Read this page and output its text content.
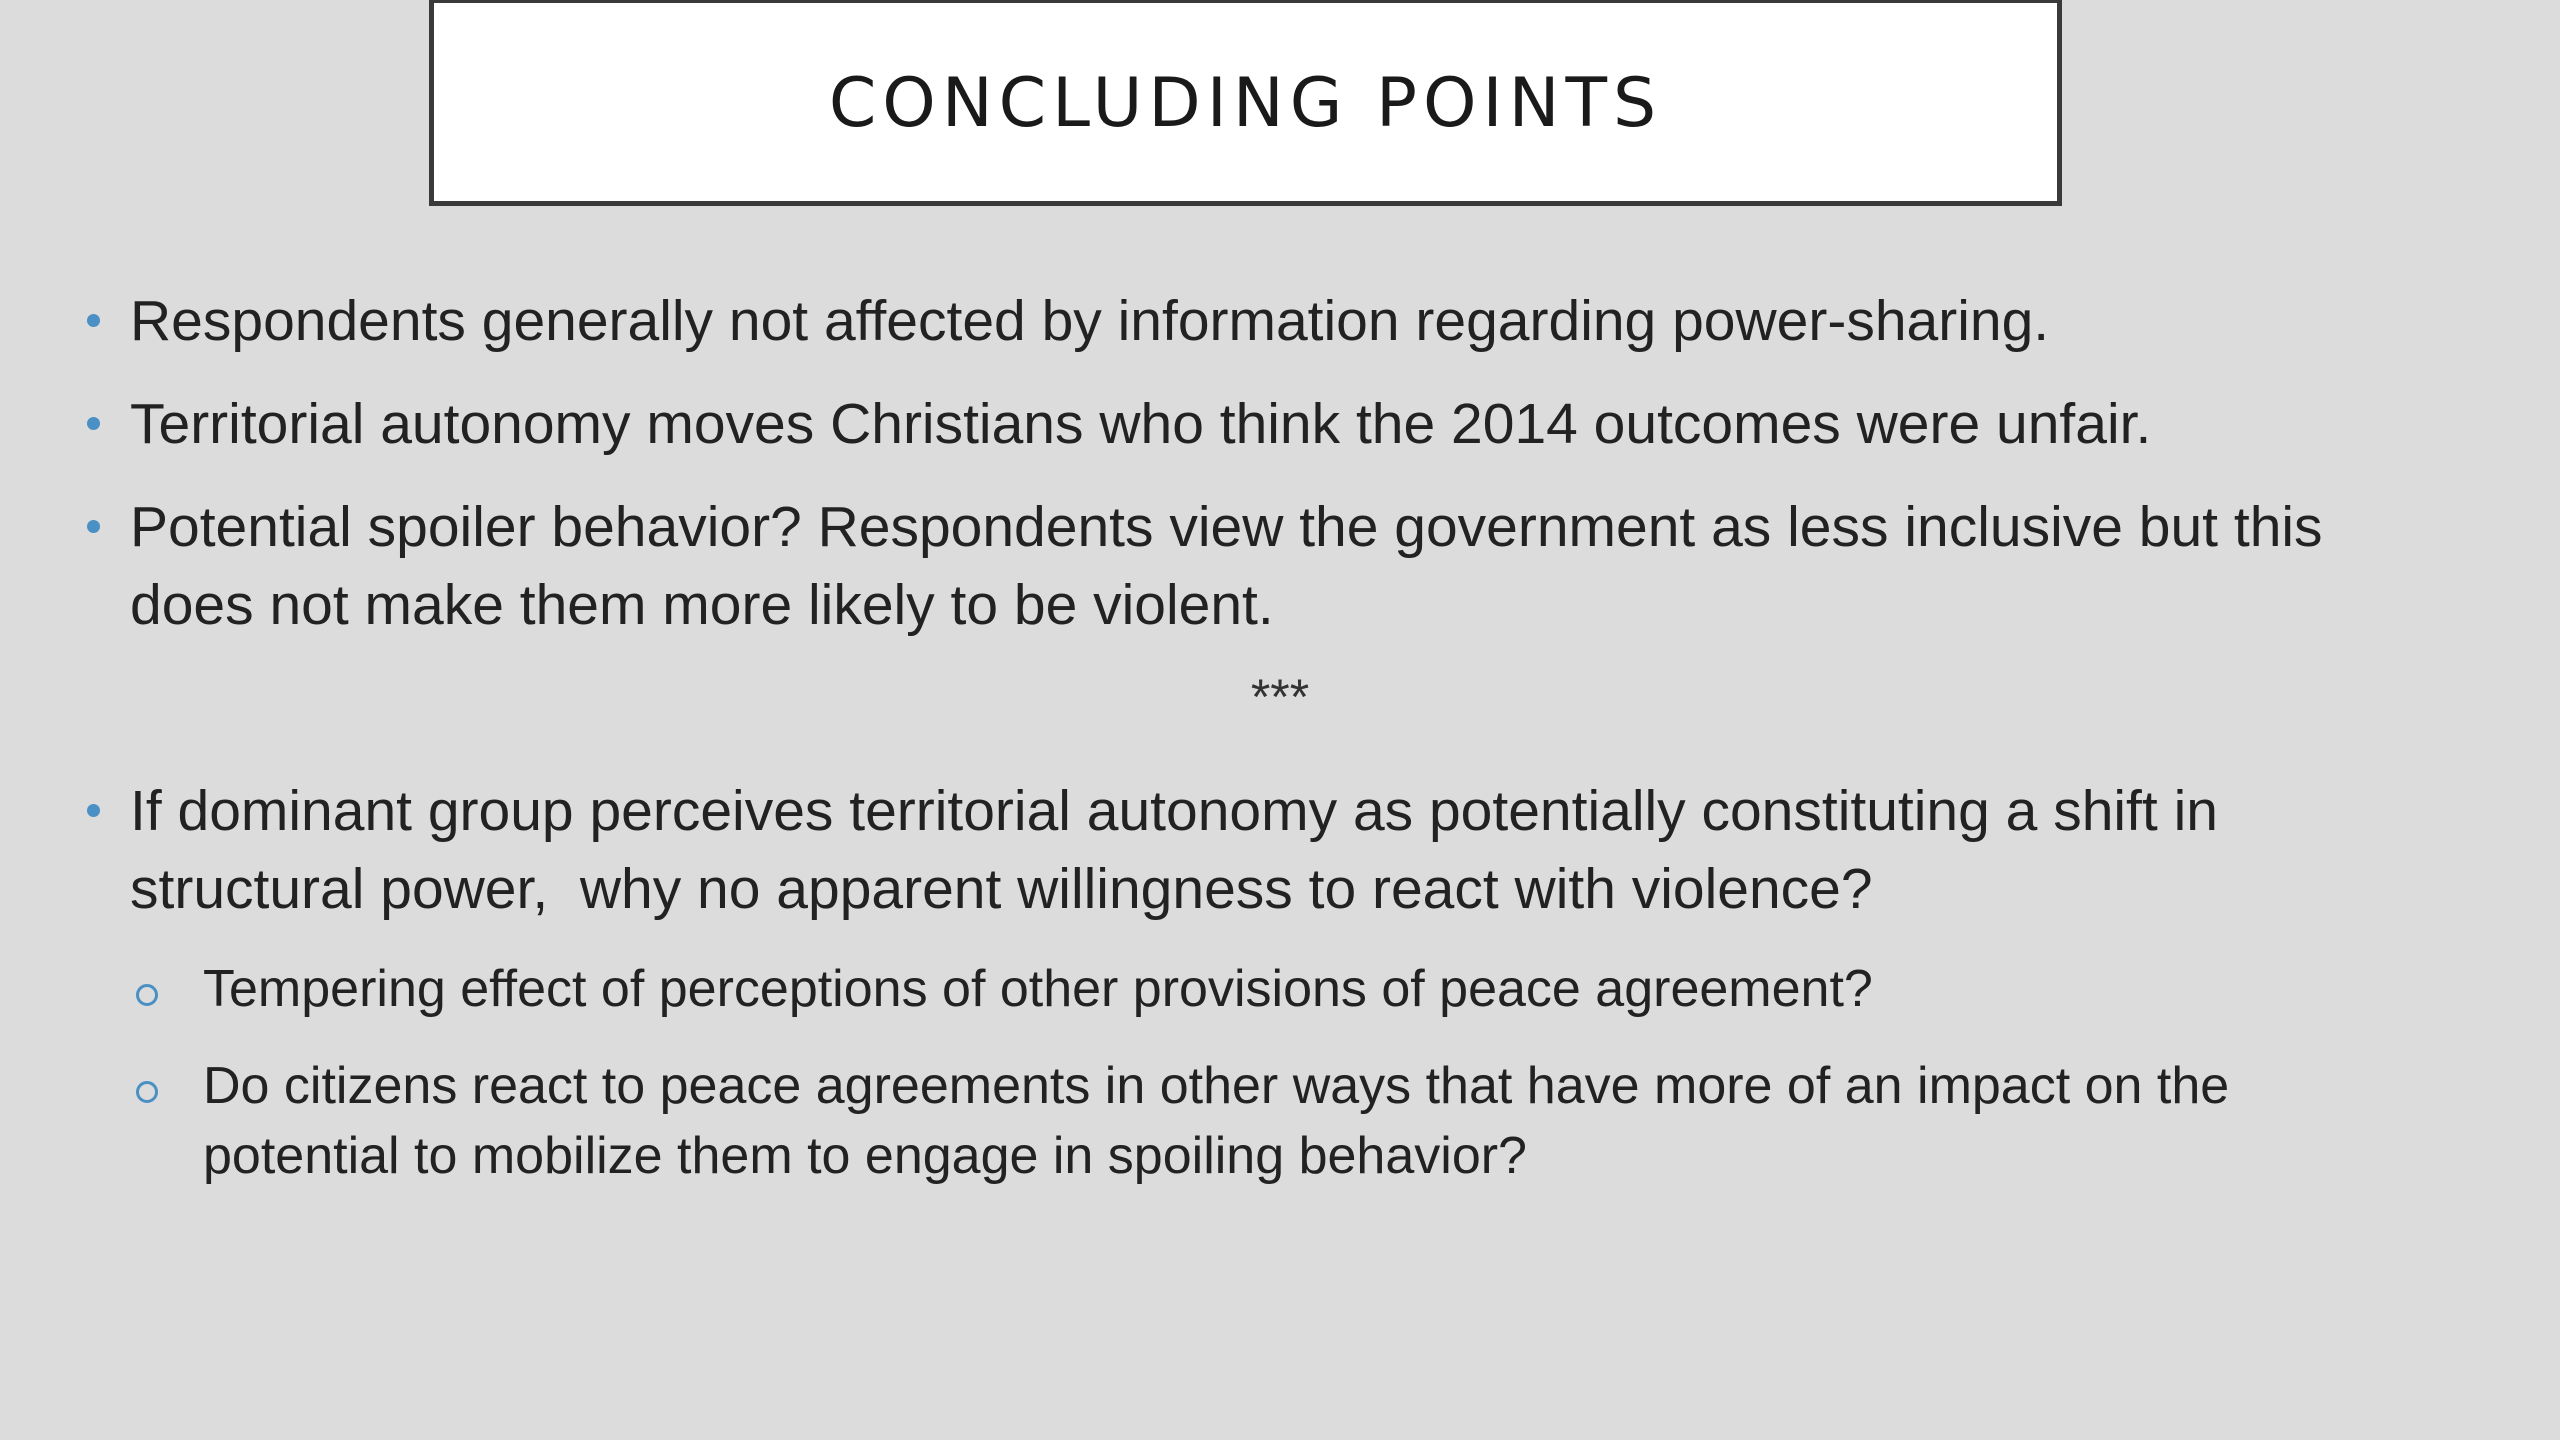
CONCLUDING POINTS
Respondents generally not affected by information regarding power-sharing.
Territorial autonomy moves Christians who think the 2014 outcomes were unfair.
Potential spoiler behavior? Respondents view the government as less inclusive but this
does not make them more likely to be violent.
***
If dominant group perceives territorial autonomy as potentially constituting a shift in
structural power,  why no apparent willingness to react with violence?
Tempering effect of perceptions of other provisions of peace agreement?
Do citizens react to peace agreements in other ways that have more of an impact on the
potential to mobilize them to engage in spoiling behavior?
